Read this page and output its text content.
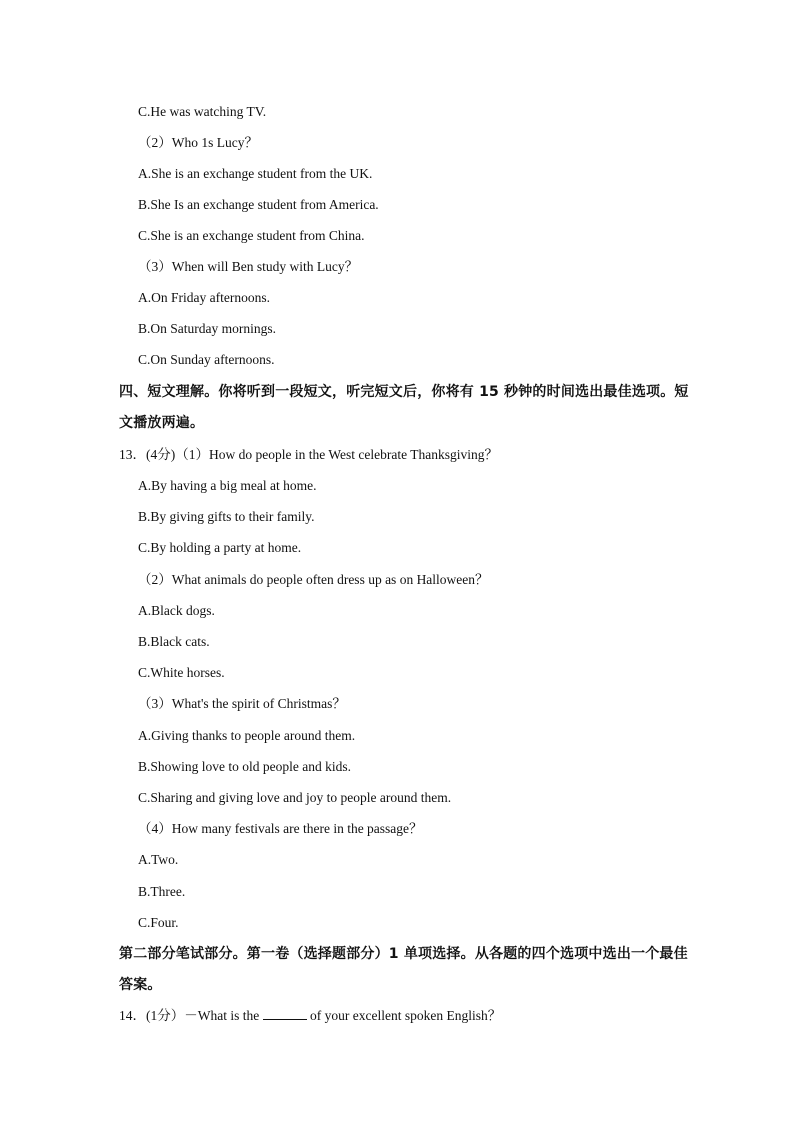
C.He was watching TV.
（2）Who 1s Lucy？
A.She is an exchange student from the UK.
B.She Is an exchange student from America.
C.She is an exchange student from China.
（3）When will Ben study with Lucy？
A.On Friday afternoons.
B.On Saturday mornings.
C.On Sunday afternoons.
四、短文理解。你将听到一段短文，听完短文后，你将有 15 秒钟的时间选出最佳选项。短
文播放两遍。
13．(4分)（1）How do people in the West celebrate Thanksgiving？
A.By having a big meal at home.
B.By giving gifts to their family.
C.By holding a party at home.
（2）What animals do people often dress up as on Halloween？
A.Black dogs.
B.Black cats.
C.White horses.
（3）What's the spirit of Christmas？
A.Giving thanks to people around them.
B.Showing love to old people and kids.
C.Sharing and giving love and joy to people around them.
（4）How many festivals are there in the passage？
A.Two.
B.Three.
C.Four.
第二部分笔试部分。第一卷（选择题部分）1 单项选择。从各题的四个选项中选出一个最佳
答案。
14．(1分）－What is the	of your excellent spoken English？
